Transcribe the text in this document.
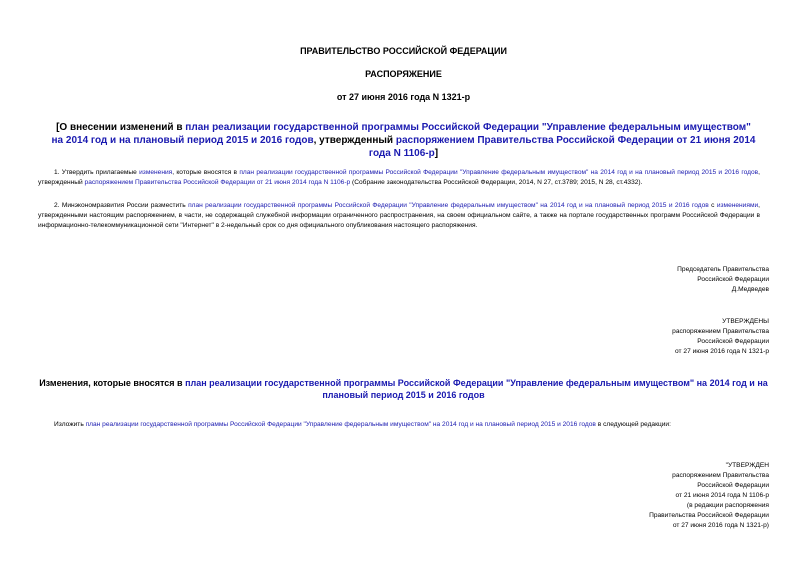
ПРАВИТЕЛЬСТВО РОССИЙСКОЙ ФЕДЕРАЦИИ
РАСПОРЯЖЕНИЕ
от 27 июня 2016 года N 1321-р
[О внесении изменений в план реализации государственной программы Российской Федерации "Управление федеральным имуществом" на 2014 год и на плановый период 2015 и 2016 годов, утвержденный распоряжением Правительства Российской Федерации от 21 июня 2014 года N 1106-р]
1. Утвердить прилагаемые изменения, которые вносятся в план реализации государственной программы Российской Федерации "Управление федеральным имуществом" на 2014 год и на плановый период 2015 и 2016 годов, утвержденный распоряжением Правительства Российской Федерации от 21 июня 2014 года N 1106-р (Собрание законодательства Российской Федерации, 2014, N 27, ст.3789; 2015, N 28, ст.4332).
2. Минэкономразвития России разместить план реализации государственной программы Российской Федерации "Управление федеральным имуществом" на 2014 год и на плановый период 2015 и 2016 годов с изменениями, утвержденными настоящим распоряжением, в части, не содержащей служебной информации ограниченного распространения, на своем официальном сайте, а также на портале государственных программ Российской Федерации в информационно-телекоммуникационной сети "Интернет" в 2-недельный срок со дня официального опубликования настоящего распоряжения.
Председатель Правительства
Российской Федерации
Д.Медведев
УТВЕРЖДЕНЫ
распоряжением Правительства
Российской Федерации
от 27 июня 2016 года N 1321-р
Изменения, которые вносятся в план реализации государственной программы Российской Федерации "Управление федеральным имуществом" на 2014 год и на плановый период 2015 и 2016 годов
Изложить план реализации государственной программы Российской Федерации "Управление федеральным имуществом" на 2014 год и на плановый период 2015 и 2016 годов в следующей редакции:
"УТВЕРЖДЕН
распоряжением Правительства
Российской Федерации
от 21 июня 2014 года N 1106-р
(в редакции распоряжения
Правительства Российской Федерации
от 27 июня 2016 года N 1321-р)
